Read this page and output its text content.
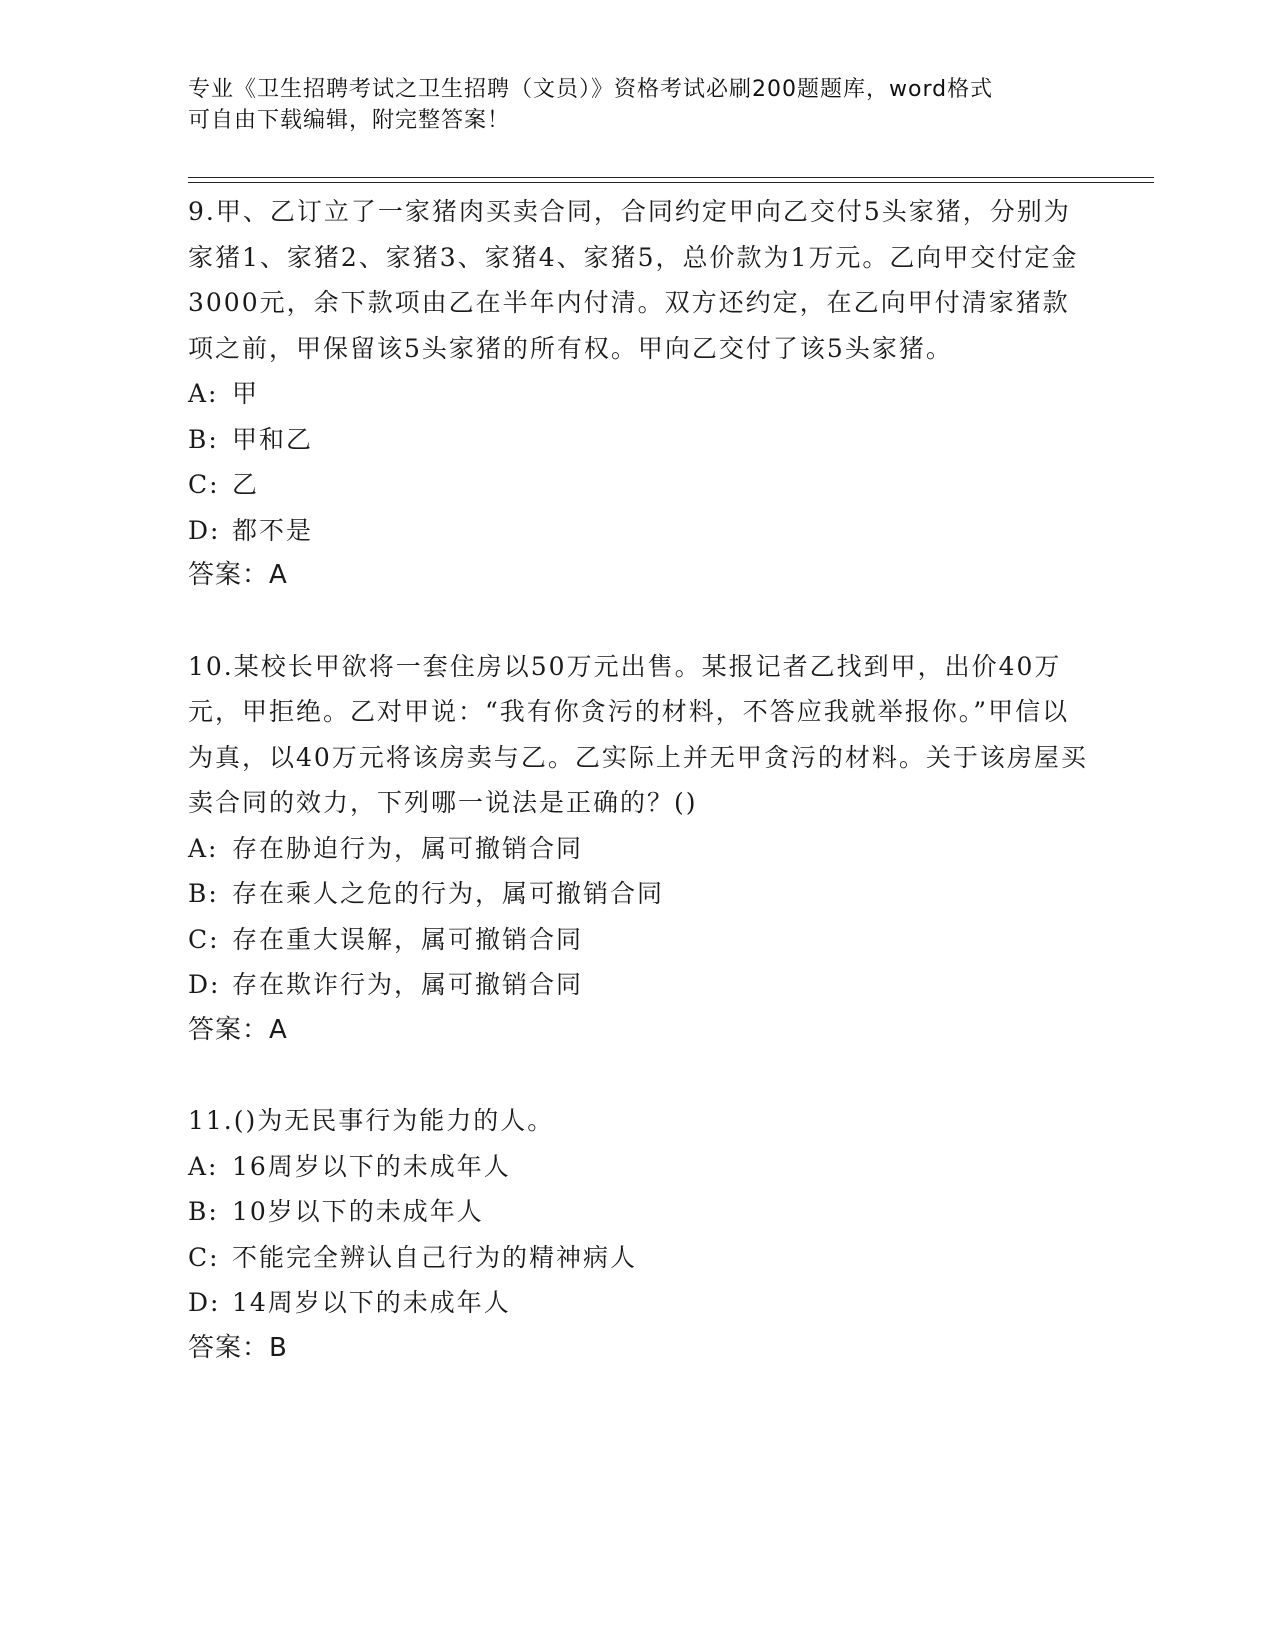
专业《卫生招聘考试之卫生招聘（文员）》资格考试必刷200题题库，word格式
可自由下载编辑，附完整答案！
9.甲、乙订立了一家猪肉买卖合同，合同约定甲向乙交付5头家猪，分别为家猪1、家猪2、家猪3、家猪4、家猪5，总价款为1万元。乙向甲交付定金3000元，余下款项由乙在半年内付清。双方还约定，在乙向甲付清家猪款项之前，甲保留该5头家猪的所有权。甲向乙交付了该5头家猪。
A: 甲
B: 甲和乙
C: 乙
D: 都不是
答案：A
10.某校长甲欲将一套住房以50万元出售。某报记者乙找到甲，出价40万元，甲拒绝。乙对甲说：“我有你贪污的材料，不答应我就举报你。”甲信以为真，以40万元将该房卖与乙。乙实际上并无甲贪污的材料。关于该房屋买卖合同的效力，下列哪一说法是正确的？()
A: 存在胁迫行为，属可撤销合同
B: 存在乘人之危的行为，属可撤销合同
C: 存在重大误解，属可撤销合同
D: 存在欺诈行为，属可撤销合同
答案：A
11.()为无民事行为能力的人。
A: 16周岁以下的未成年人
B: 10岁以下的未成年人
C: 不能完全辨认自己行为的精神病人
D: 14周岁以下的未成年人
答案：B
